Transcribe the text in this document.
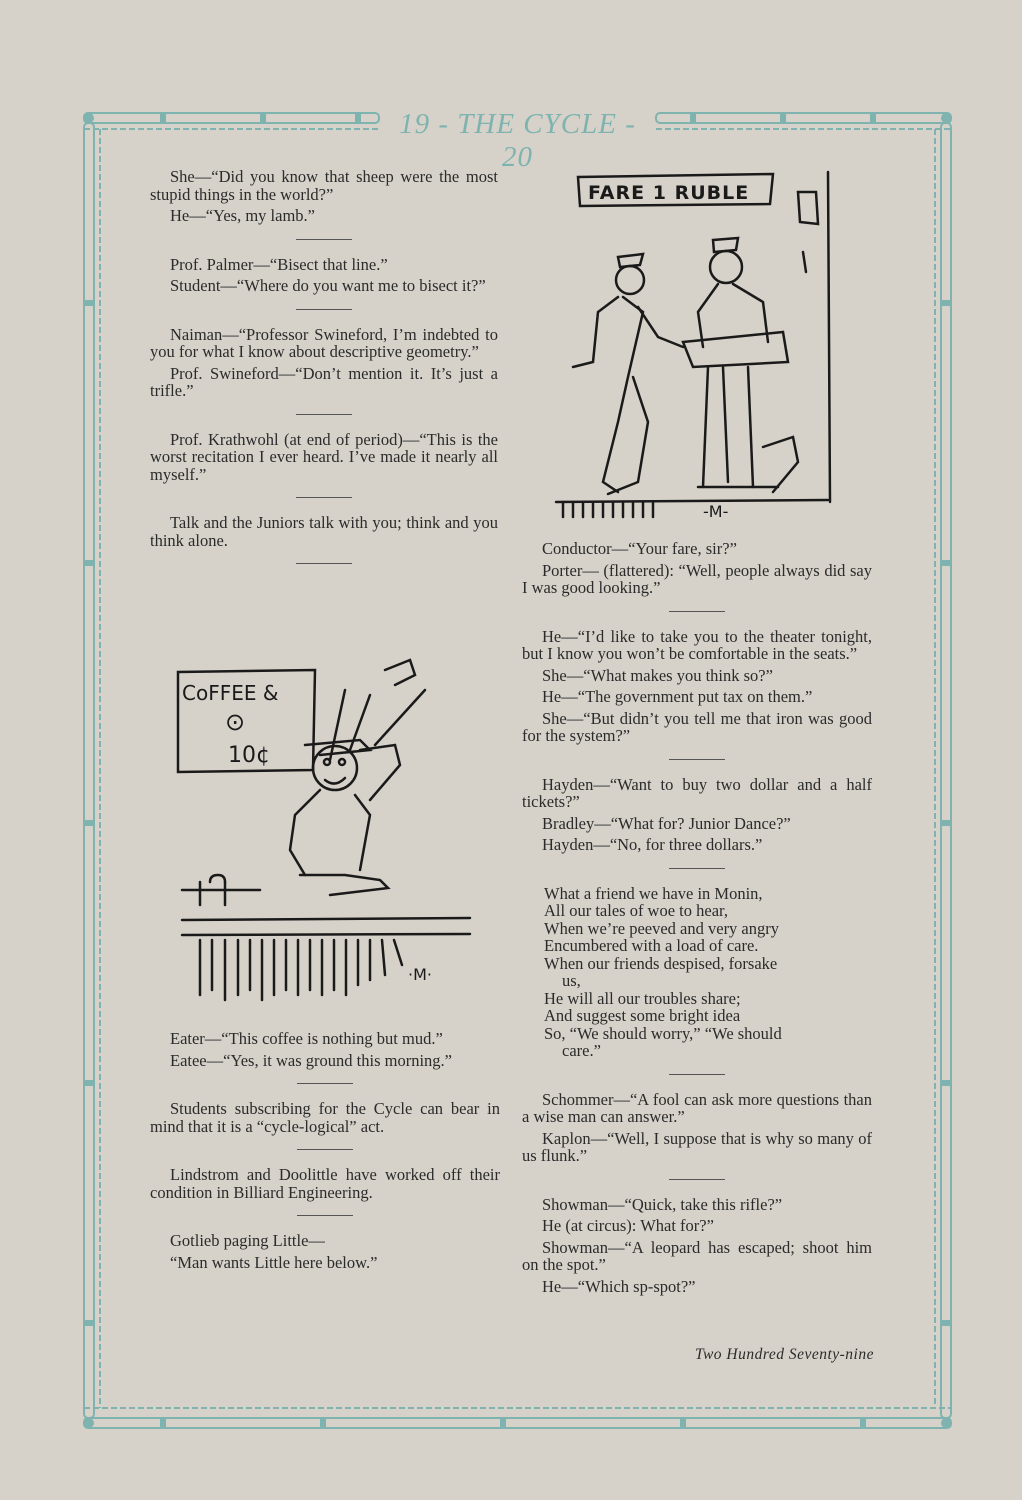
19 - THE CYCLE - 20

She—“Did you know that sheep were the most stupid things in the world?”

He—“Yes, my lamb.”

Prof. Palmer—“Bisect that line.”

Student—“Where do you want me to bisect it?”

Naiman—“Professor Swineford, I’m indebted to you for what I know about descriptive geometry.”

Prof. Swineford—“Don’t mention it. It’s just a trifle.”

Prof. Krathwohl (at end of period)—“This is the worst recitation I ever heard. I’ve made it nearly all myself.”

Talk and the Juniors talk with you; think and you think alone.

CoFFEE &
⊙
10¢
·M·

Eater—“This coffee is nothing but mud.”

Eatee—“Yes, it was ground this morning.”

Students subscribing for the Cycle can bear in mind that it is a “cycle-logical” act.

Lindstrom and Doolittle have worked off their condition in Billiard Engineering.

Gotlieb paging Little—

“Man wants Little here below.”

FARE 1 RUBLE
-M-

Conductor—“Your fare, sir?”

Porter— (flattered): “Well, people always did say I was good looking.”

He—“I’d like to take you to the theater tonight, but I know you won’t be comfortable in the seats.”

She—“What makes you think so?”

He—“The government put tax on them.”

She—“But didn’t you tell me that iron was good for the system?”

Hayden—“Want to buy two dollar and a half tickets?”

Bradley—“What for? Junior Dance?”

Hayden—“No, for three dollars.”

What a friend we have in Monin,

All our tales of woe to hear,

When we’re peeved and very angry

Encumbered with a load of care.

When our friends despised, forsake

us,

He will all our troubles share;

And suggest some bright idea

So, “We should worry,” “We should

care.”

Schommer—“A fool can ask more questions than a wise man can answer.”

Kaplon—“Well, I suppose that is why so many of us flunk.”

Showman—“Quick, take this rifle?”

He (at circus): What for?”

Showman—“A leopard has escaped; shoot him on the spot.”

He—“Which sp-spot?”

Two Hundred Seventy-nine
